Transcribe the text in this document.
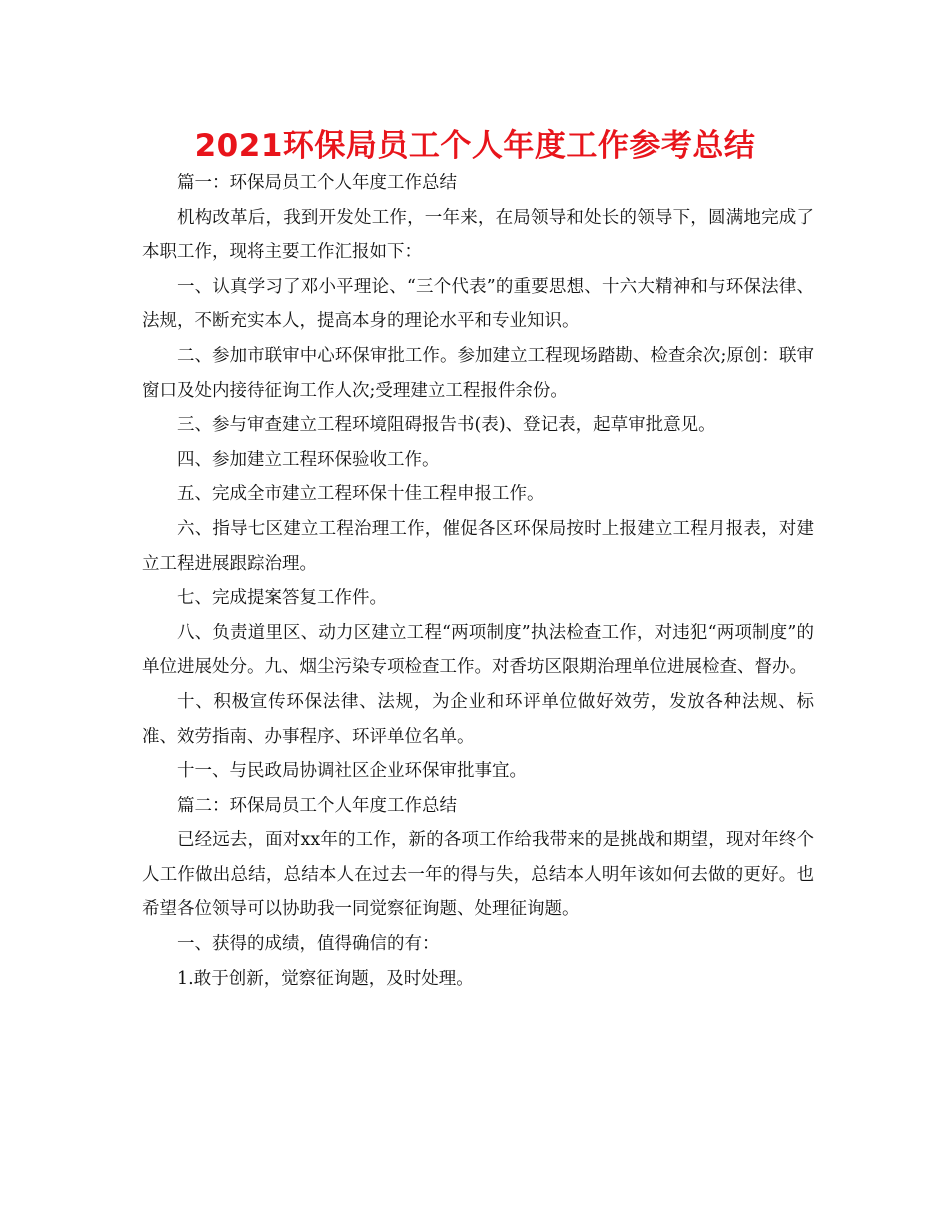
2021环保局员工个人年度工作参考总结

篇一：环保局员工个人年度工作总结

机构改革后，我到开发处工作，一年来，在局领导和处长的领导下，圆满地完成了本职工作，现将主要工作汇报如下：

一、认真学习了邓小平理论、“三个代表”的重要思想、十六大精神和与环保法律、法规，不断充实本人，提高本身的理论水平和专业知识。

二、参加市联审中心环保审批工作。参加建立工程现场踏勘、检查余次;原创：联审窗口及处内接待征询工作人次;受理建立工程报件余份。

三、参与审查建立工程环境阻碍报告书(表)、登记表，起草审批意见。

四、参加建立工程环保验收工作。

五、完成全市建立工程环保十佳工程申报工作。

六、指导七区建立工程治理工作，催促各区环保局按时上报建立工程月报表，对建立工程进展跟踪治理。

七、完成提案答复工作件。

八、负责道里区、动力区建立工程“两项制度”执法检查工作，对违犯“两项制度”的单位进展处分。九、烟尘污染专项检查工作。对香坊区限期治理单位进展检查、督办。

十、积极宣传环保法律、法规，为企业和环评单位做好效劳，发放各种法规、标准、效劳指南、办事程序、环评单位名单。

十一、与民政局协调社区企业环保审批事宜。

篇二：环保局员工个人年度工作总结

已经远去，面对xx年的工作，新的各项工作给我带来的是挑战和期望，现对年终个人工作做出总结，总结本人在过去一年的得与失，总结本人明年该如何去做的更好。也希望各位领导可以协助我一同觉察征询题、处理征询题。

一、获得的成绩，值得确信的有：

1.敢于创新，觉察征询题，及时处理。
